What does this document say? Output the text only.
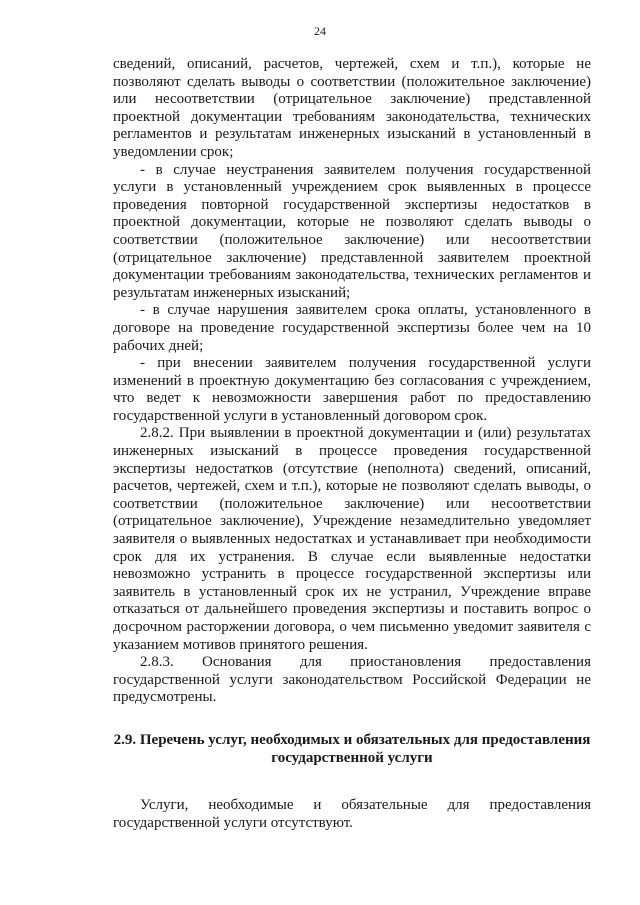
24

сведений, описаний, расчетов, чертежей, схем и т.п.), которые не позволяют сделать выводы о соответствии (положительное заключение) или несоответствии (отрицательное заключение) представленной проектной документации требованиям законодательства, технических регламентов и результатам инженерных изысканий в установленный в уведомлении срок;

- в случае неустранения заявителем получения государственной услуги в установленный учреждением срок выявленных в процессе проведения повторной государственной экспертизы недостатков в проектной документации, которые не позволяют сделать выводы о соответствии (положительное заключение) или несоответствии (отрицательное заключение) представленной заявителем проектной документации требованиям законодательства, технических регламентов и результатам инженерных изысканий;

- в случае нарушения заявителем срока оплаты, установленного в договоре на проведение государственной экспертизы более чем на 10 рабочих дней;

- при внесении заявителем получения государственной услуги изменений в проектную документацию без согласования с учреждением, что ведет к невозможности завершения работ по предоставлению государственной услуги в установленный договором срок.

2.8.2. При выявлении в проектной документации и (или) результатах инженерных изысканий в процессе проведения государственной экспертизы недостатков (отсутствие (неполнота) сведений, описаний, расчетов, чертежей, схем и т.п.), которые не позволяют сделать выводы, о соответствии (положительное заключение) или несоответствии (отрицательное заключение), Учреждение незамедлительно уведомляет заявителя о выявленных недостатках и устанавливает при необходимости срок для их устранения. В случае если выявленные недостатки невозможно устранить в процессе государственной экспертизы или заявитель в установленный срок их не устранил, Учреждение вправе отказаться от дальнейшего проведения экспертизы и поставить вопрос о досрочном расторжении договора, о чем письменно уведомит заявителя с указанием мотивов принятого решения.

2.8.3. Основания для приостановления предоставления государственной услуги законодательством Российской Федерации не предусмотрены.

2.9. Перечень услуг, необходимых и обязательных для предоставления государственной услуги

Услуги, необходимые и обязательные для предоставления государственной услуги отсутствуют.
